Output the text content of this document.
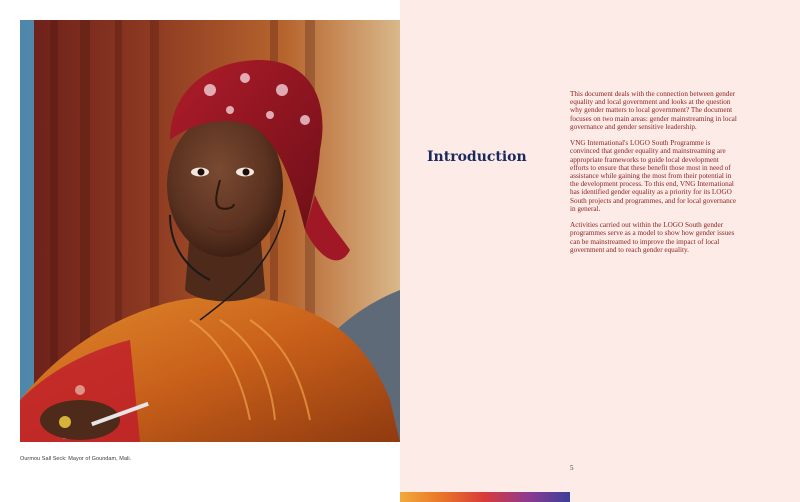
Ourmou Sall Seck: Mayor of Goundam, Mali.
Introduction

This document deals with the connection between gender equality and local government and looks at the question why gender matters to local government? The document focuses on two main areas: gender mainstreaming in local governance and gender sensitive leadership.

VNG International's LOGO South Programme is convinced that gender equality and mainstreaming are appropriate frameworks to guide local development efforts to ensure that these benefit those most in need of assistance while gaining the most from their potential in the development process. To this end, VNG International has identified gender equality as a priority for its LOGO South projects and programmes, and for local governance in general.

Activities carried out within the LOGO South gender programmes serve as a model to show how gender issues can be mainstreamed to improve the impact of local government and to reach gender equality.

5
